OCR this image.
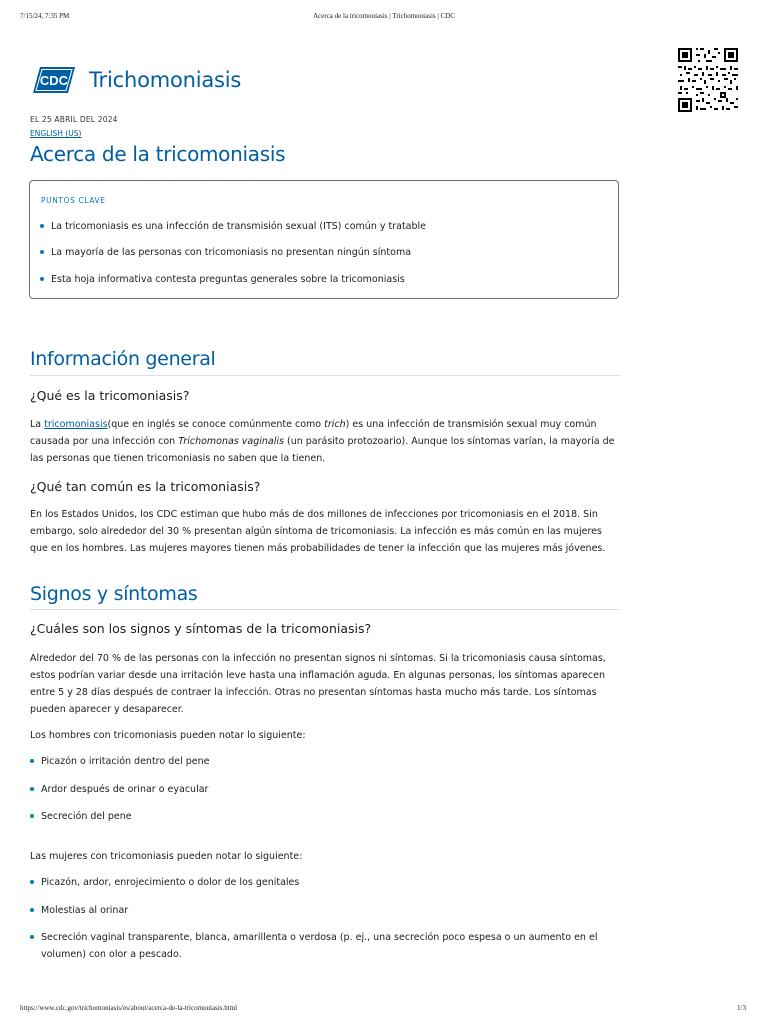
7/15/24, 7:35 PM	Acerca de la tricomoniasis | Trichomoniasis | CDC
CDC Trichomoniasis
EL 25 ABRIL DEL 2024
ENGLISH (US)
Acerca de la tricomoniasis
PUNTOS CLAVE
La tricomoniasis es una infección de transmisión sexual (ITS) común y tratable
La mayoría de las personas con tricomoniasis no presentan ningún síntoma
Esta hoja informativa contesta preguntas generales sobre la tricomoniasis
Información general
¿Qué es la tricomoniasis?

La tricomoniasis(que en inglés se conoce comúnmente como trich) es una infección de transmisión sexual muy común causada por una infección con Trichomonas vaginalis (un parásito protozoario). Aunque los síntomas varían, la mayoría de las personas que tienen tricomoniasis no saben que la tienen.

¿Qué tan común es la tricomoniasis?

En los Estados Unidos, los CDC estiman que hubo más de dos millones de infecciones por tricomoniasis en el 2018. Sin embargo, solo alrededor del 30 % presentan algún síntoma de tricomoniasis. La infección es más común en las mujeres que en los hombres. Las mujeres mayores tienen más probabilidades de tener la infección que las mujeres más jóvenes.

Signos y síntomas
¿Cuáles son los signos y síntomas de la tricomoniasis?

Alrededor del 70 % de las personas con la infección no presentan signos ni síntomas. Si la tricomoniasis causa síntomas, estos podrían variar desde una irritación leve hasta una inflamación aguda. En algunas personas, los síntomas aparecen entre 5 y 28 días después de contraer la infección. Otras no presentan síntomas hasta mucho más tarde. Los síntomas pueden aparecer y desaparecer.

Los hombres con tricomoniasis pueden notar lo siguiente:

Picazón o irritación dentro del pene
Ardor después de orinar o eyacular
Secreción del pene

Las mujeres con tricomoniasis pueden notar lo siguiente:

Picazón, ardor, enrojecimiento o dolor de los genitales
Molestias al orinar
Secreción vaginal transparente, blanca, amarillenta o verdosa (p. ej., una secreción poco espesa o un aumento en el
volumen) con olor a pescado.
https://www.cdc.gov/trichomoniasis/es/about/acerca-de-la-tricomoniasis.html	1/3
